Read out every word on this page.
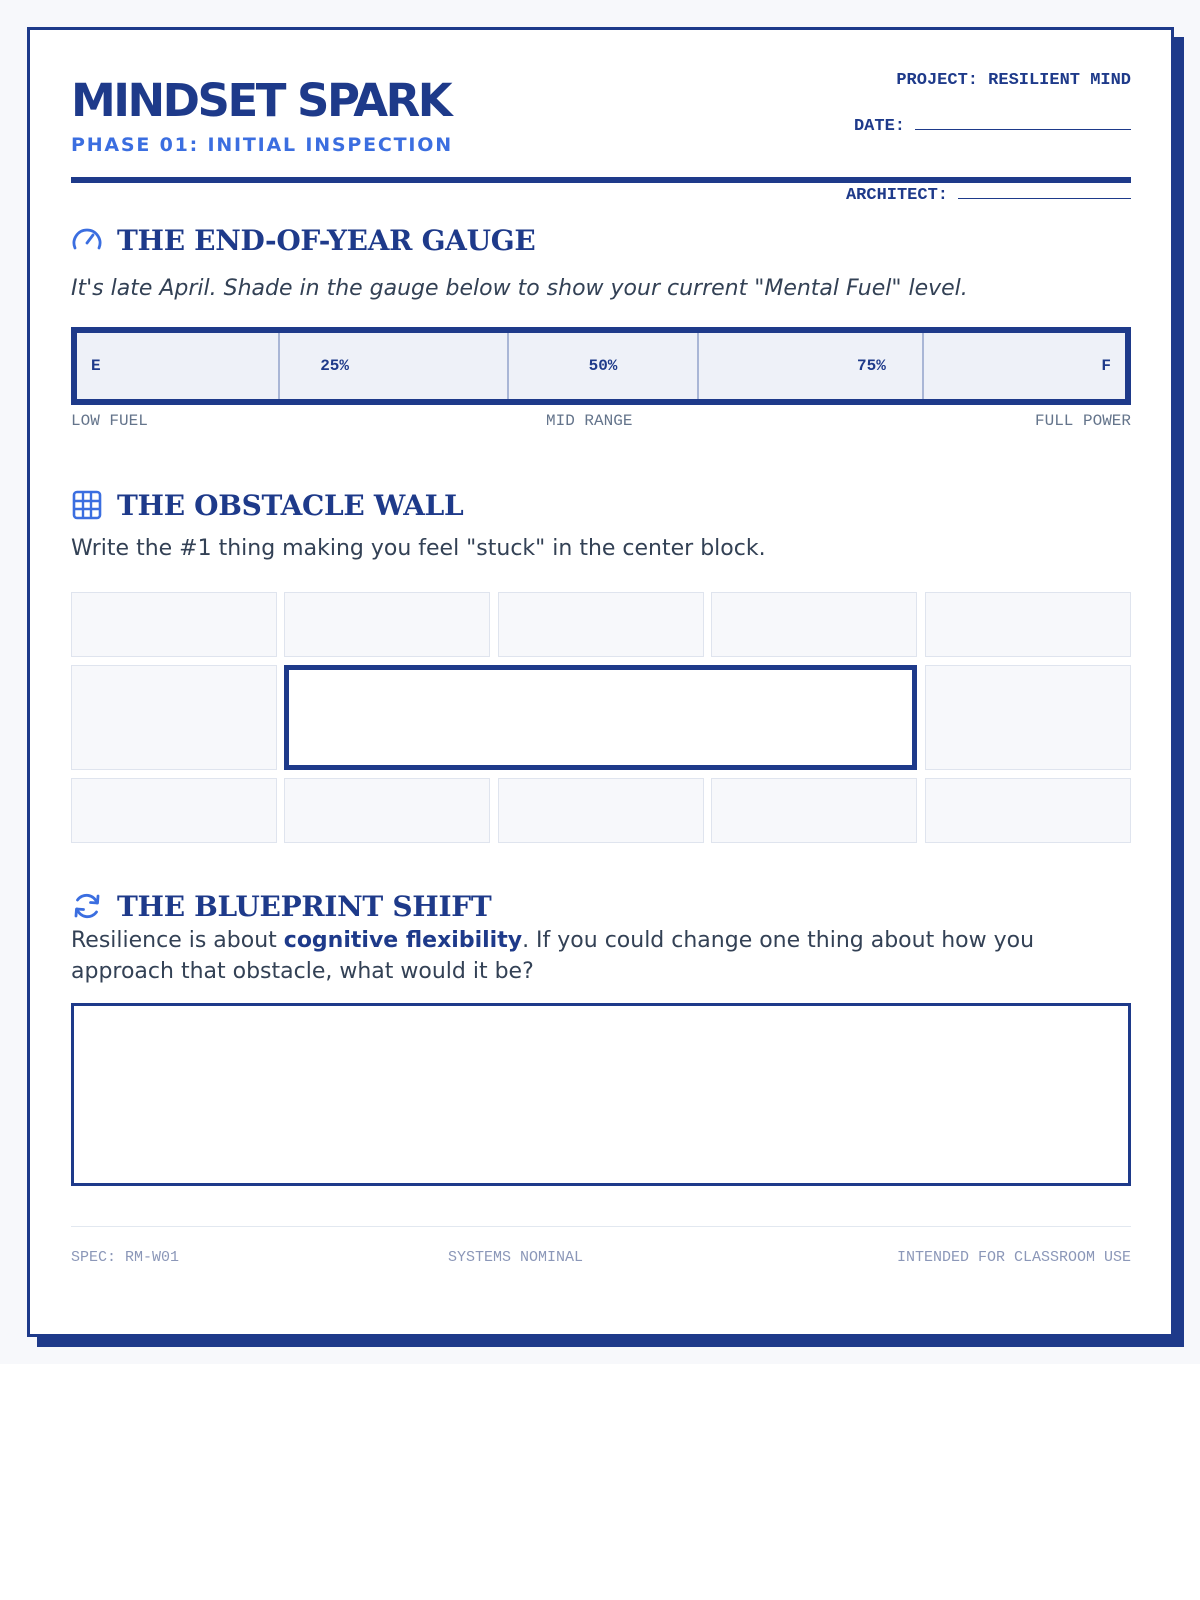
MINDSET SPARK
PHASE 01: INITIAL INSPECTION
PROJECT: RESILIENT MIND

DATE:

ARCHITECT:

THE END-OF-YEAR GAUGE
It's late April. Shade in the gauge below to show your current "Mental Fuel" level.
E	25%	50%	75%	F
LOW FUEL	MID RANGE	FULL POWER
THE OBSTACLE WALL
Write the #1 thing making you feel "stuck" in the center block.
THE BLUEPRINT SHIFT
Resilience is about cognitive flexibility. If you could change one thing about how you approach that obstacle, what would it be?
SPEC: RM-W01	SYSTEMS NOMINAL	INTENDED FOR CLASSROOM USE
